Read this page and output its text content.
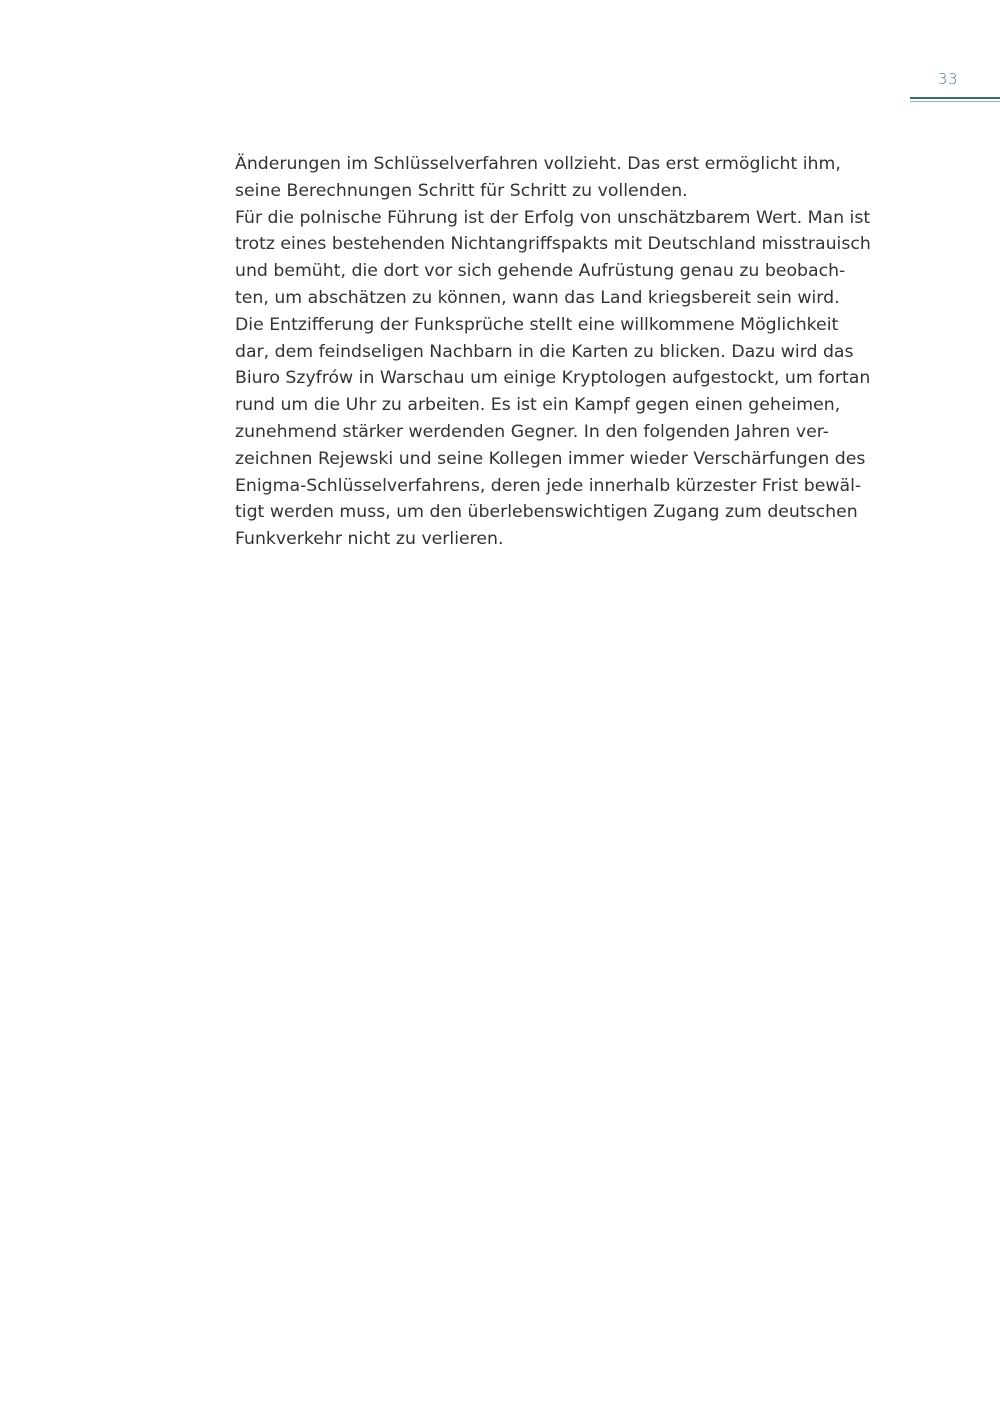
33
Änderungen im Schlüsselverfahren vollzieht. Das erst ermöglicht ihm,
seine Berechnungen Schritt für Schritt zu vollenden.
Für die polnische Führung ist der Erfolg von unschätzbarem Wert. Man ist
trotz eines bestehenden Nichtangriffspakts mit Deutschland misstrauisch
und bemüht, die dort vor sich gehende Aufrüstung genau zu beobach-
ten, um abschätzen zu können, wann das Land kriegsbereit sein wird.
Die Entzifferung der Funksprüche stellt eine willkommene Möglichkeit
dar, dem feindseligen Nachbarn in die Karten zu blicken. Dazu wird das
Biuro Szyfrów in Warschau um einige Kryptologen aufgestockt, um fortan
rund um die Uhr zu arbeiten. Es ist ein Kampf gegen einen geheimen,
zunehmend stärker werdenden Gegner. In den folgenden Jahren ver-
zeichnen Rejewski und seine Kollegen immer wieder Verschärfungen des
Enigma-Schlüsselverfahrens, deren jede innerhalb kürzester Frist bewäl-
tigt werden muss, um den überlebenswichtigen Zugang zum deutschen
Funkverkehr nicht zu verlieren.
